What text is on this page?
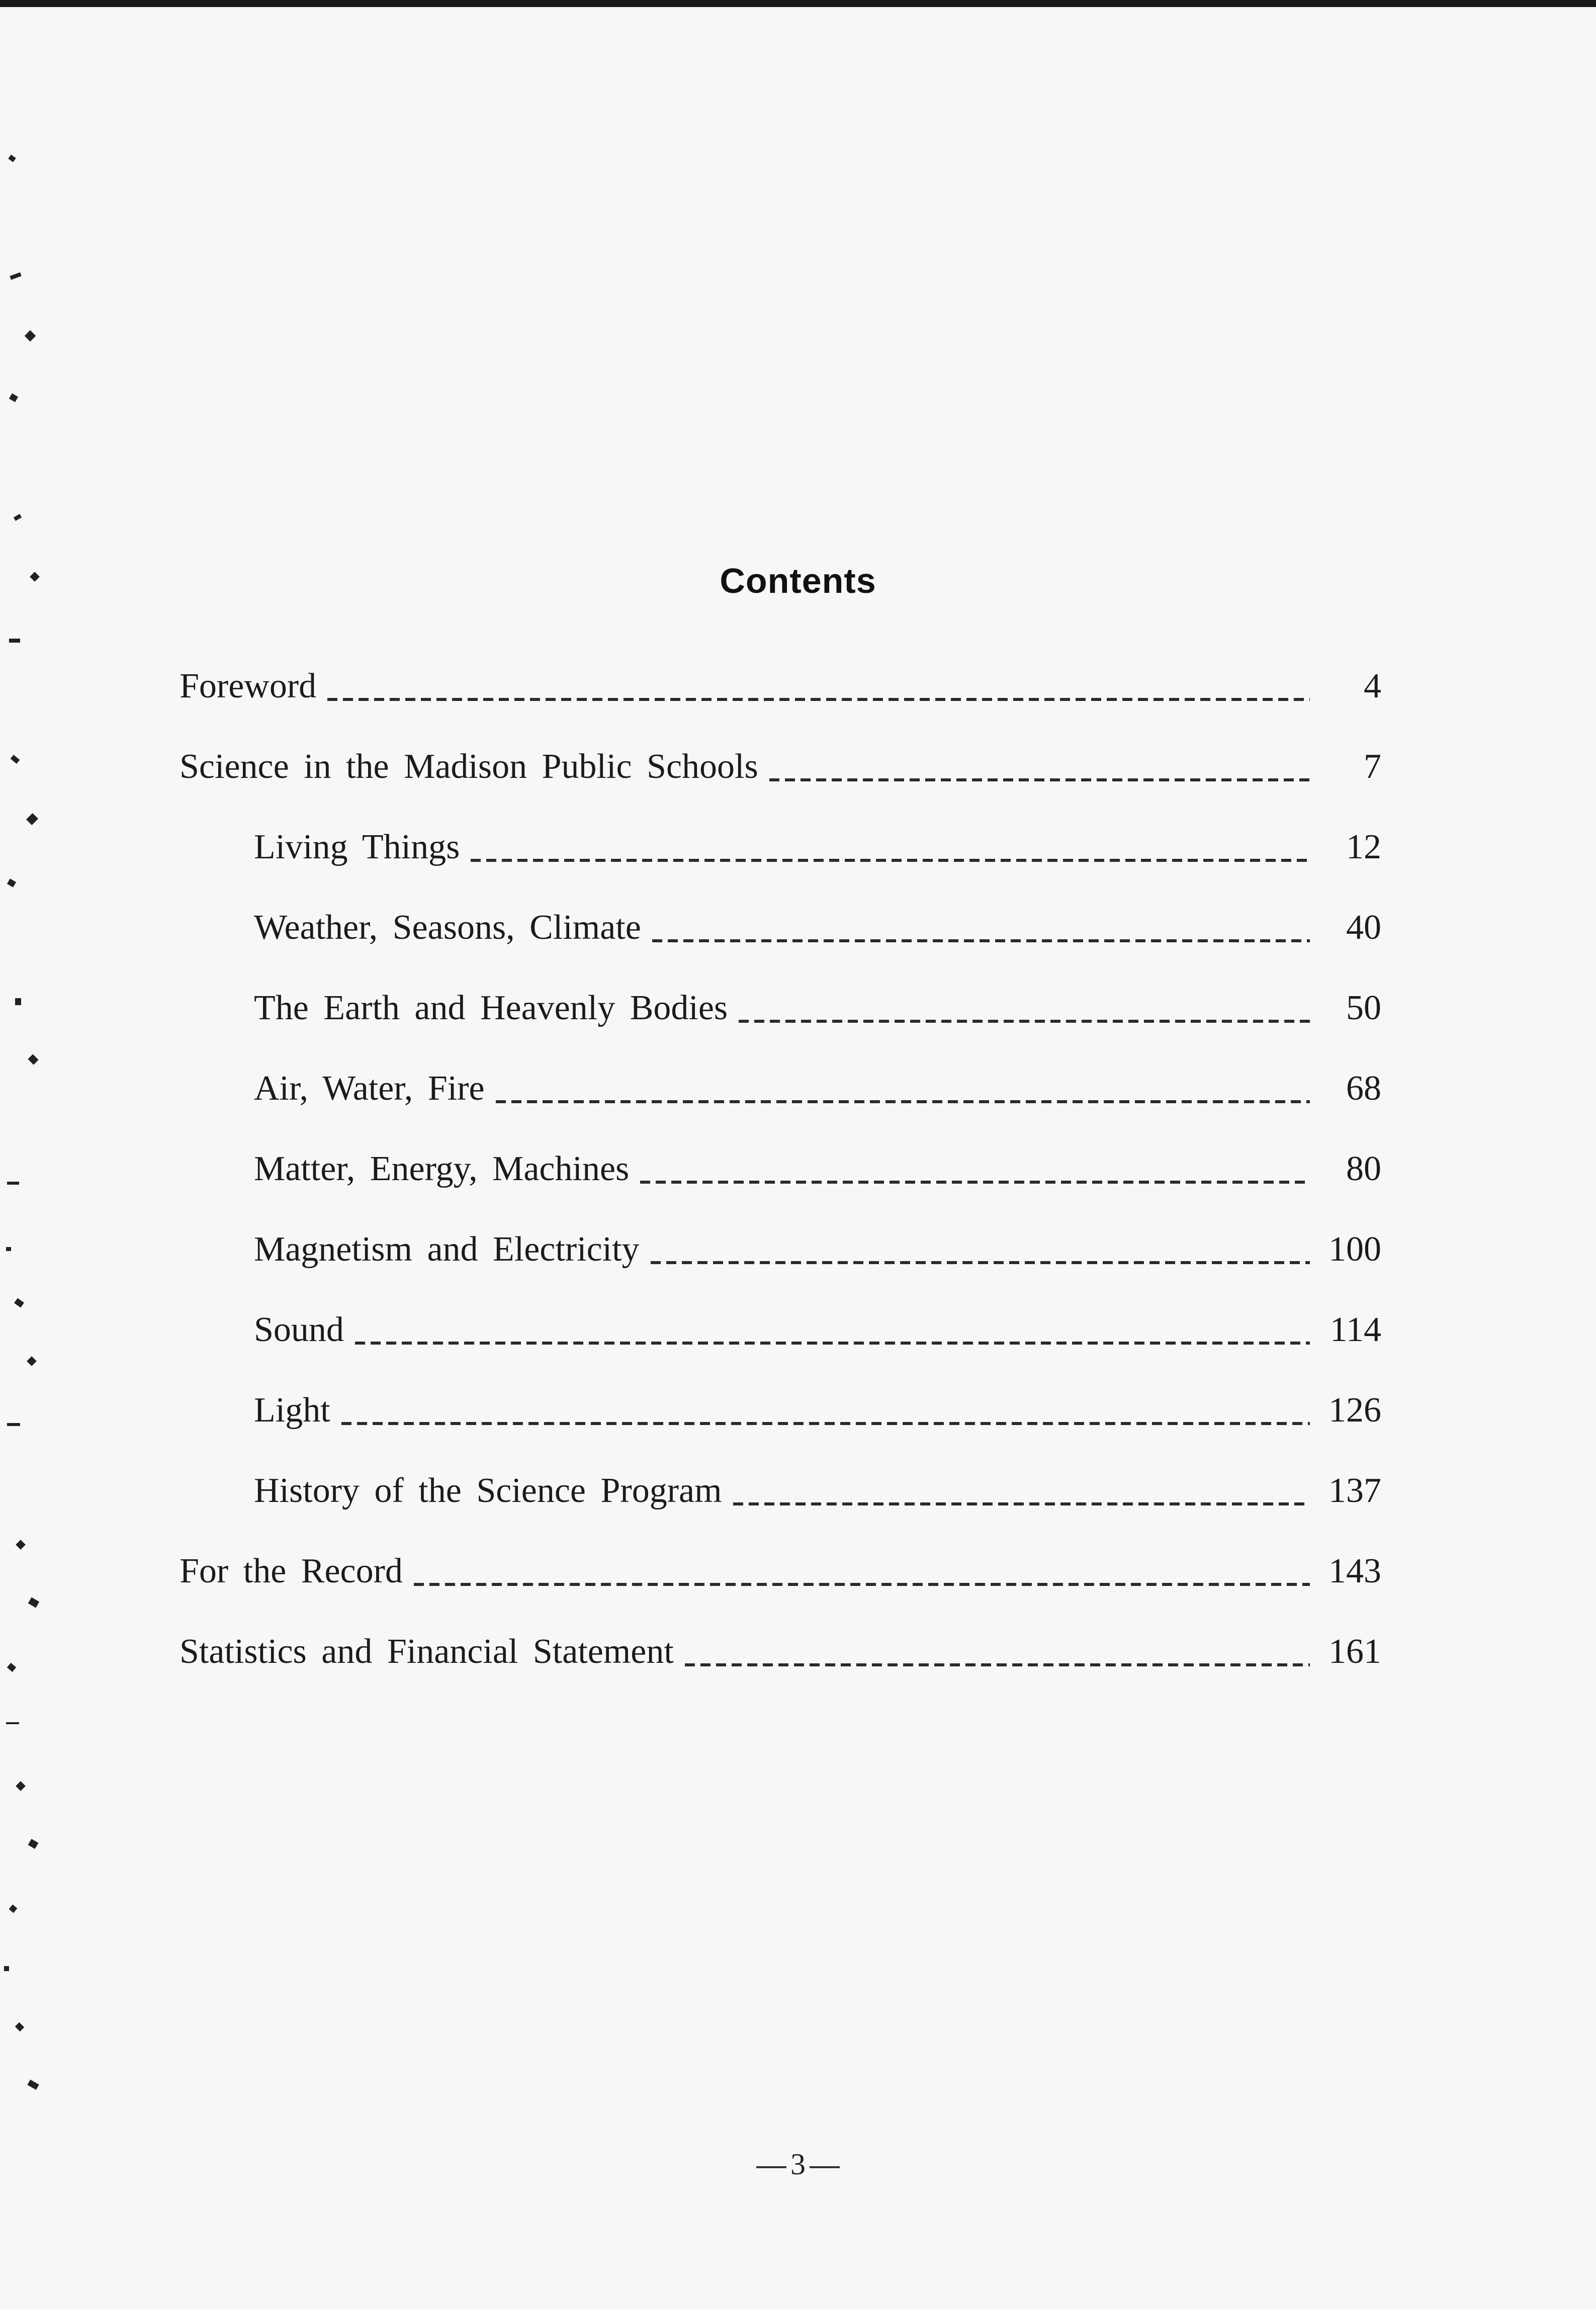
Contents
Foreword	4
Science in the Madison Public Schools	7
Living Things	12
Weather, Seasons, Climate	40
The Earth and Heavenly Bodies	50
Air, Water, Fire	68
Matter, Energy, Machines	80
Magnetism and Electricity	100
Sound	114
Light	126
History of the Science Program	137
For the Record	143
Statistics and Financial Statement	161
3
